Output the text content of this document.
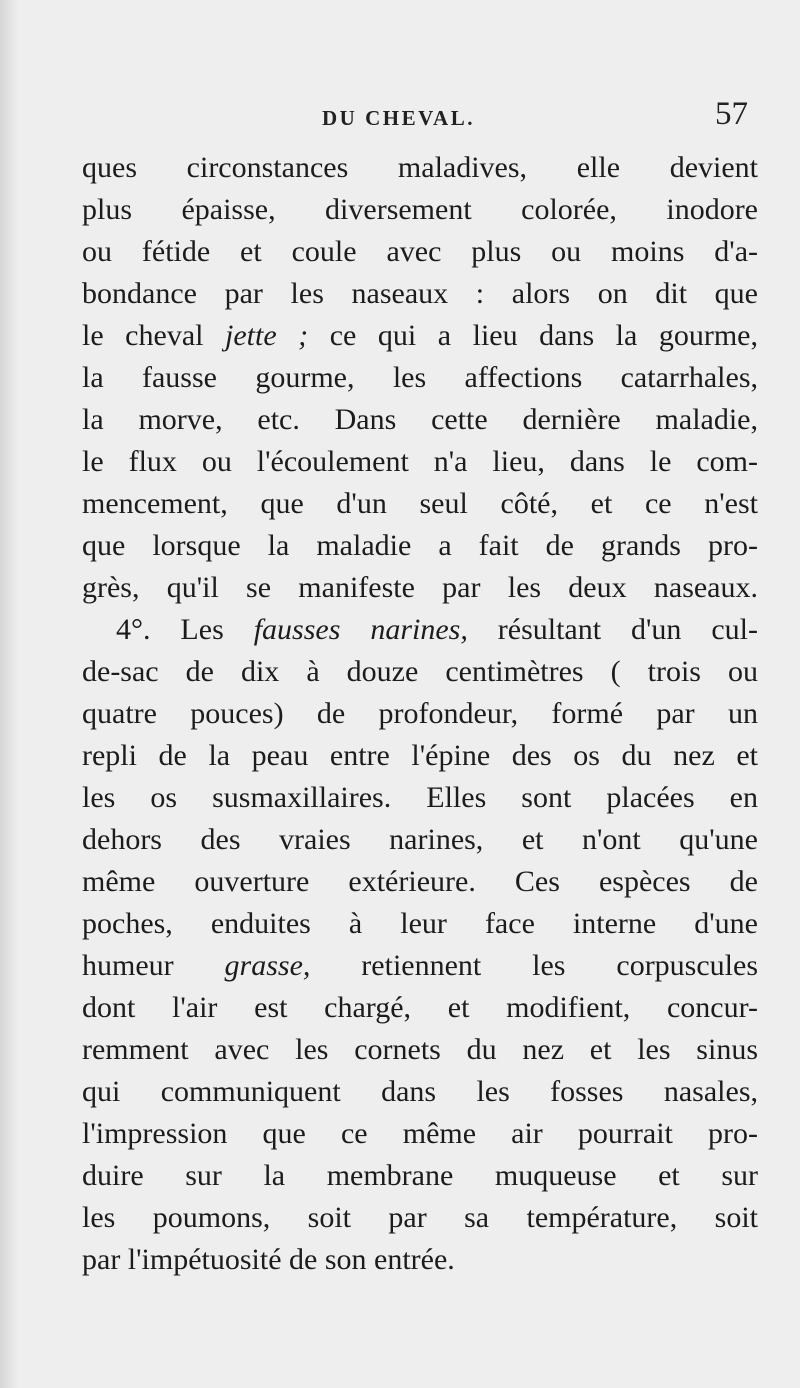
DU CHEVAL.	57
ques circonstances maladives, elle devient
plus épaisse, diversement colorée, inodore
ou fétide et coule avec plus ou moins d'a-
bondance par les naseaux : alors on dit que
le cheval jette ; ce qui a lieu dans la gourme,
la fausse gourme, les affections catarrhales,
la morve, etc. Dans cette dernière maladie,
le flux ou l'écoulement n'a lieu, dans le com-
mencement, que d'un seul côté, et ce n'est
que lorsque la maladie a fait de grands pro-
grès, qu'il se manifeste par les deux naseaux.
4°. Les fausses narines, résultant d'un cul-
de-sac de dix à douze centimètres ( trois ou
quatre pouces) de profondeur, formé par un
repli de la peau entre l'épine des os du nez et
les os susmaxillaires. Elles sont placées en
dehors des vraies narines, et n'ont qu'une
même ouverture extérieure. Ces espèces de
poches, enduites à leur face interne d'une
humeur grasse, retiennent les corpuscules
dont l'air est chargé, et modifient, concur-
remment avec les cornets du nez et les sinus
qui communiquent dans les fosses nasales,
l'impression que ce même air pourrait pro-
duire sur la membrane muqueuse et sur
les poumons, soit par sa température, soit
par l'impétuosité de son entrée.
